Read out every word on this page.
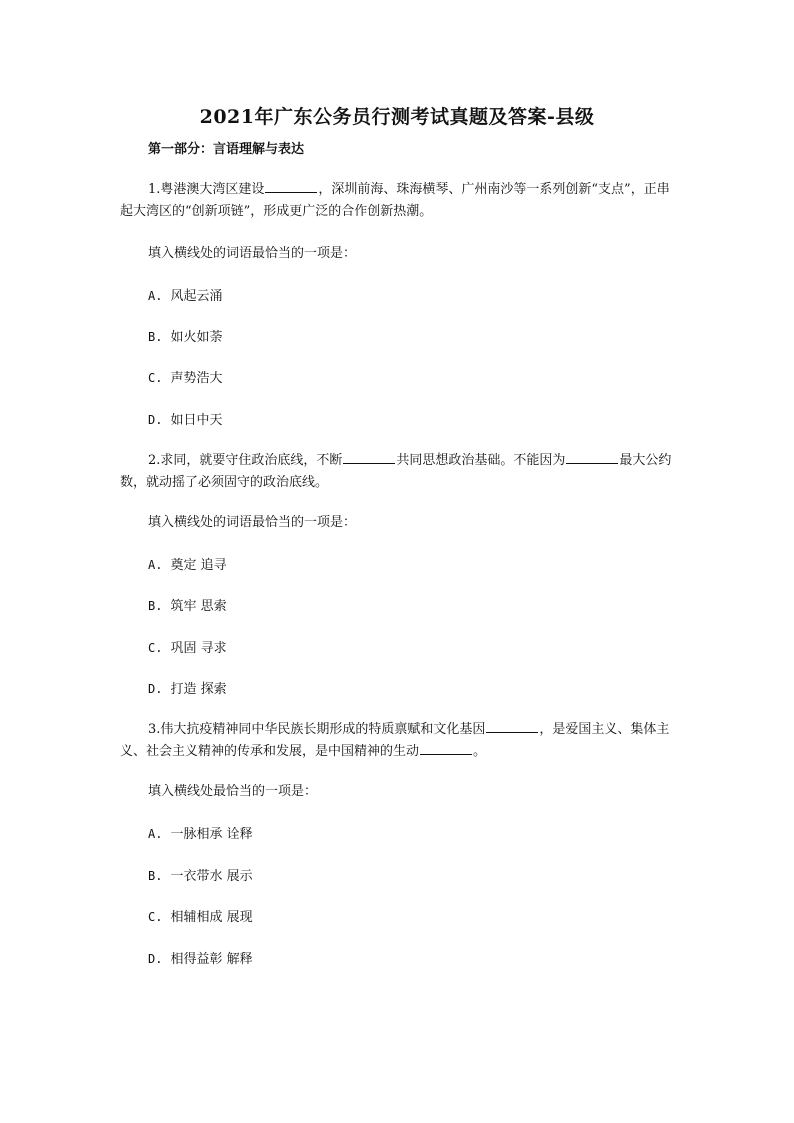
2021年广东公务员行测考试真题及答案-县级
第一部分：言语理解与表达
1.粤港澳大湾区建设	，深圳前海、珠海横琴、广州南沙等一系列创新“支点”，正串起大湾区的“创新项链”，形成更广泛的合作创新热潮。
填入横线处的词语最恰当的一项是：
A. 风起云涌
B. 如火如荼
C. 声势浩大
D. 如日中天
2.求同，就要守住政治底线，不断	共同思想政治基础。不能因为	最大公约数，就动摇了必须固守的政治底线。
填入横线处的词语最恰当的一项是：
A. 奠定 追寻
B. 筑牢 思索
C. 巩固 寻求
D. 打造 探索
3.伟大抗疫精神同中华民族长期形成的特质禀赋和文化基因	，是爱国主义、集体主义、社会主义精神的传承和发展，是中国精神的生动	。
填入横线处最恰当的一项是：
A. 一脉相承 诠释
B. 一衣带水 展示
C. 相辅相成 展现
D. 相得益彰 解释
